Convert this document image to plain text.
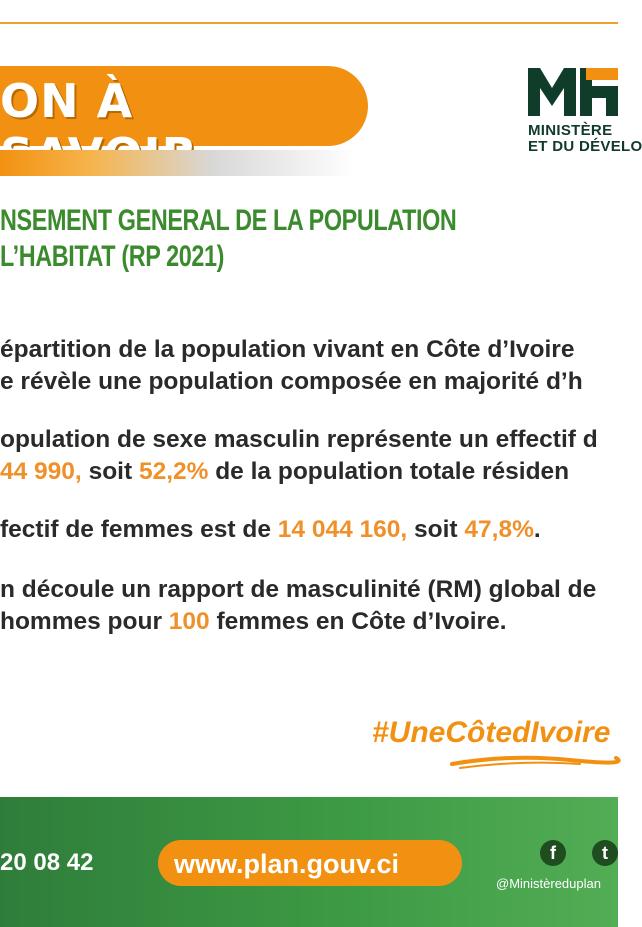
ON À
MINISTÈRE
ET DU DÉVELO
NSEMENT GENERAL DE LA POPULATION
L’HABITAT (RP 2021)
épartition de la population vivant en Côte d’Ivoire
e révèle une population composée en majorité d’h
opulation de sexe masculin représente un effectif d
44 990, soit 52,2% de la population totale résiden
fectif de femmes est de 14 044 160, soit 47,8%.
n découle un rapport de masculinité (RM) global de
hommes pour 100 femmes en Côte d’Ivoire.
#UneCôtedIvoire
20 08 42	www.plan.gouv.ci	f	t
@Ministèreduplan
